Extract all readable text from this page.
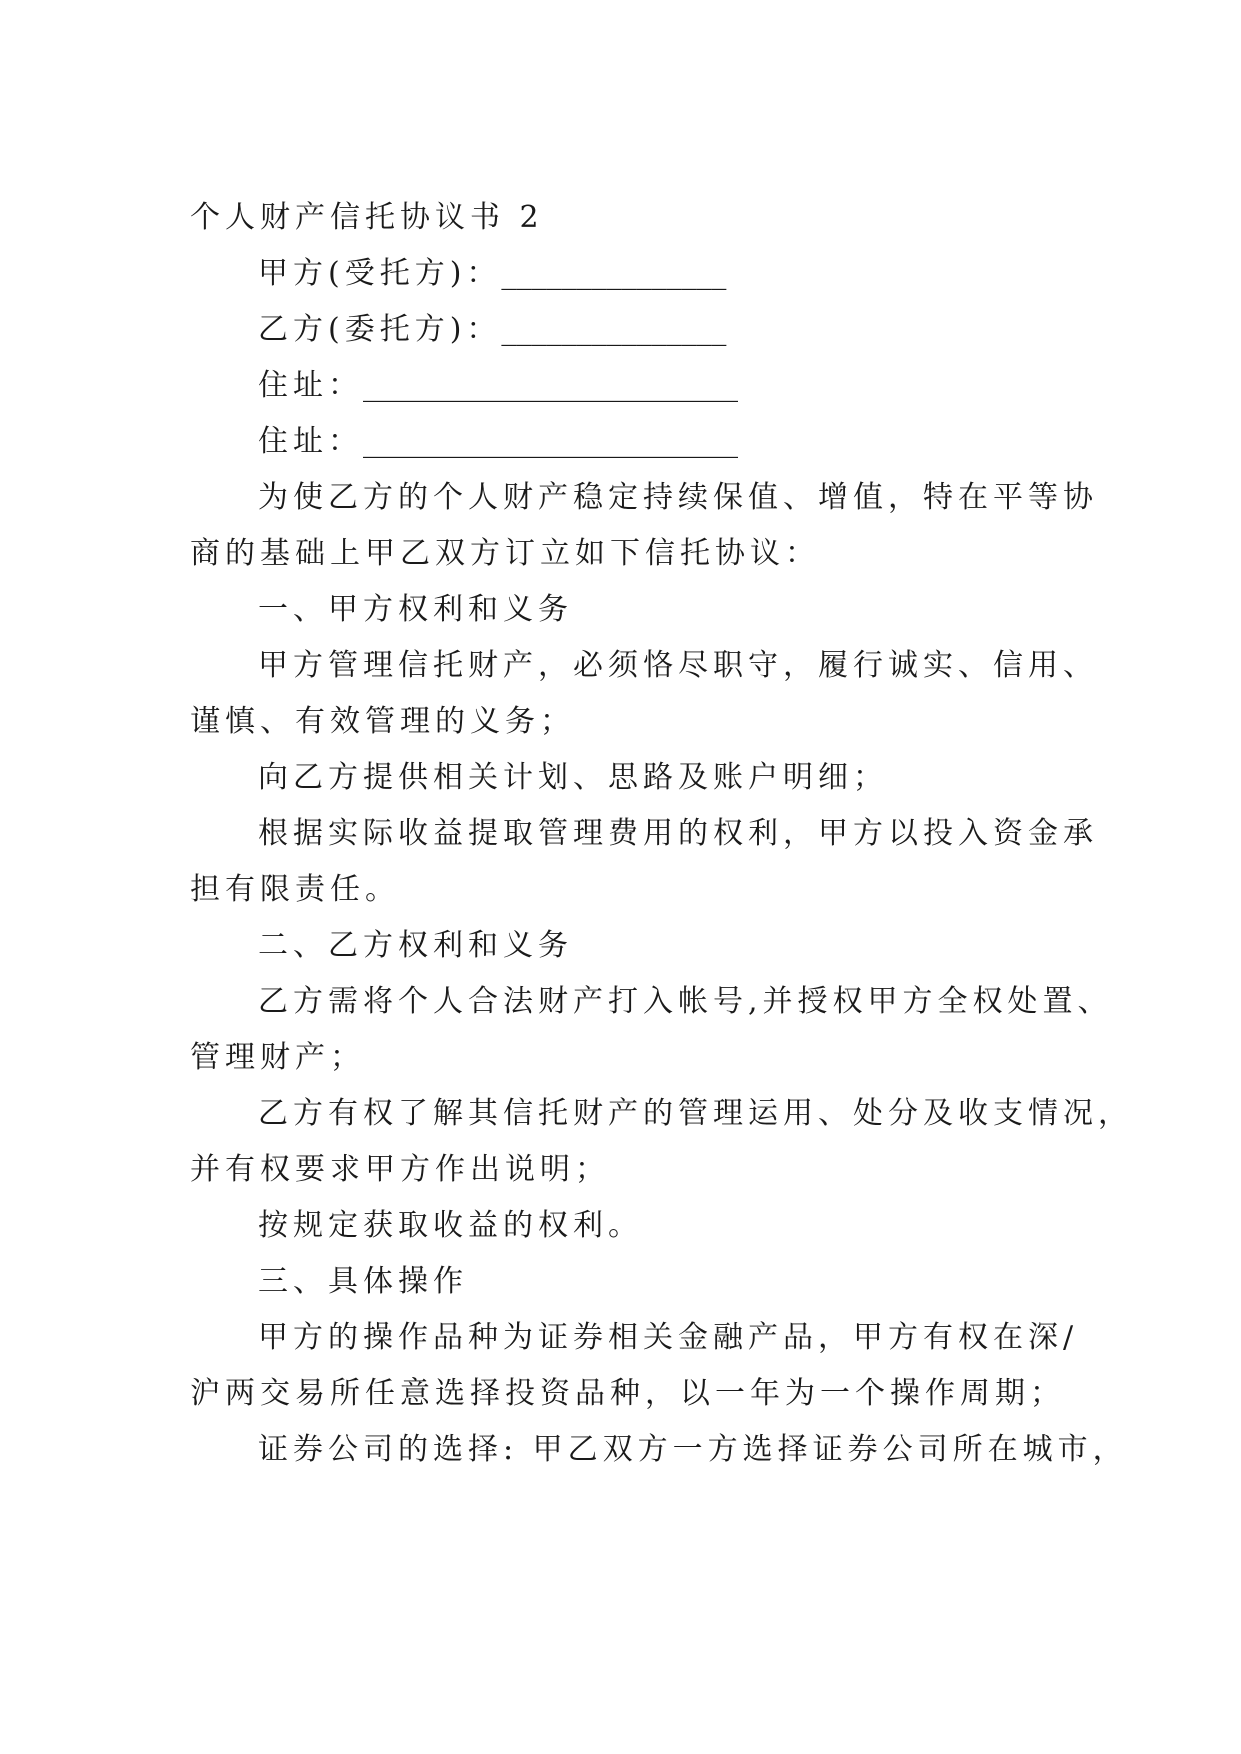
个人财产信托协议书 2
甲方(受托方)：_______________
乙方(委托方)：_______________
住址：_________________________
住址：_________________________
为使乙方的个人财产稳定持续保值、增值，特在平等协
商的基础上甲乙双方订立如下信托协议：
一、甲方权利和义务
甲方管理信托财产，必须恪尽职守，履行诚实、信用、
谨慎、有效管理的义务；
向乙方提供相关计划、思路及账户明细；
根据实际收益提取管理费用的权利，甲方以投入资金承
担有限责任。
二、乙方权利和义务
乙方需将个人合法财产打入帐号,并授权甲方全权处置、
管理财产；
乙方有权了解其信托财产的管理运用、处分及收支情况，
并有权要求甲方作出说明；
按规定获取收益的权利。
三、具体操作
甲方的操作品种为证券相关金融产品，甲方有权在深/
沪两交易所任意选择投资品种，以一年为一个操作周期；
证券公司的选择: 甲乙双方一方选择证券公司所在城市，
